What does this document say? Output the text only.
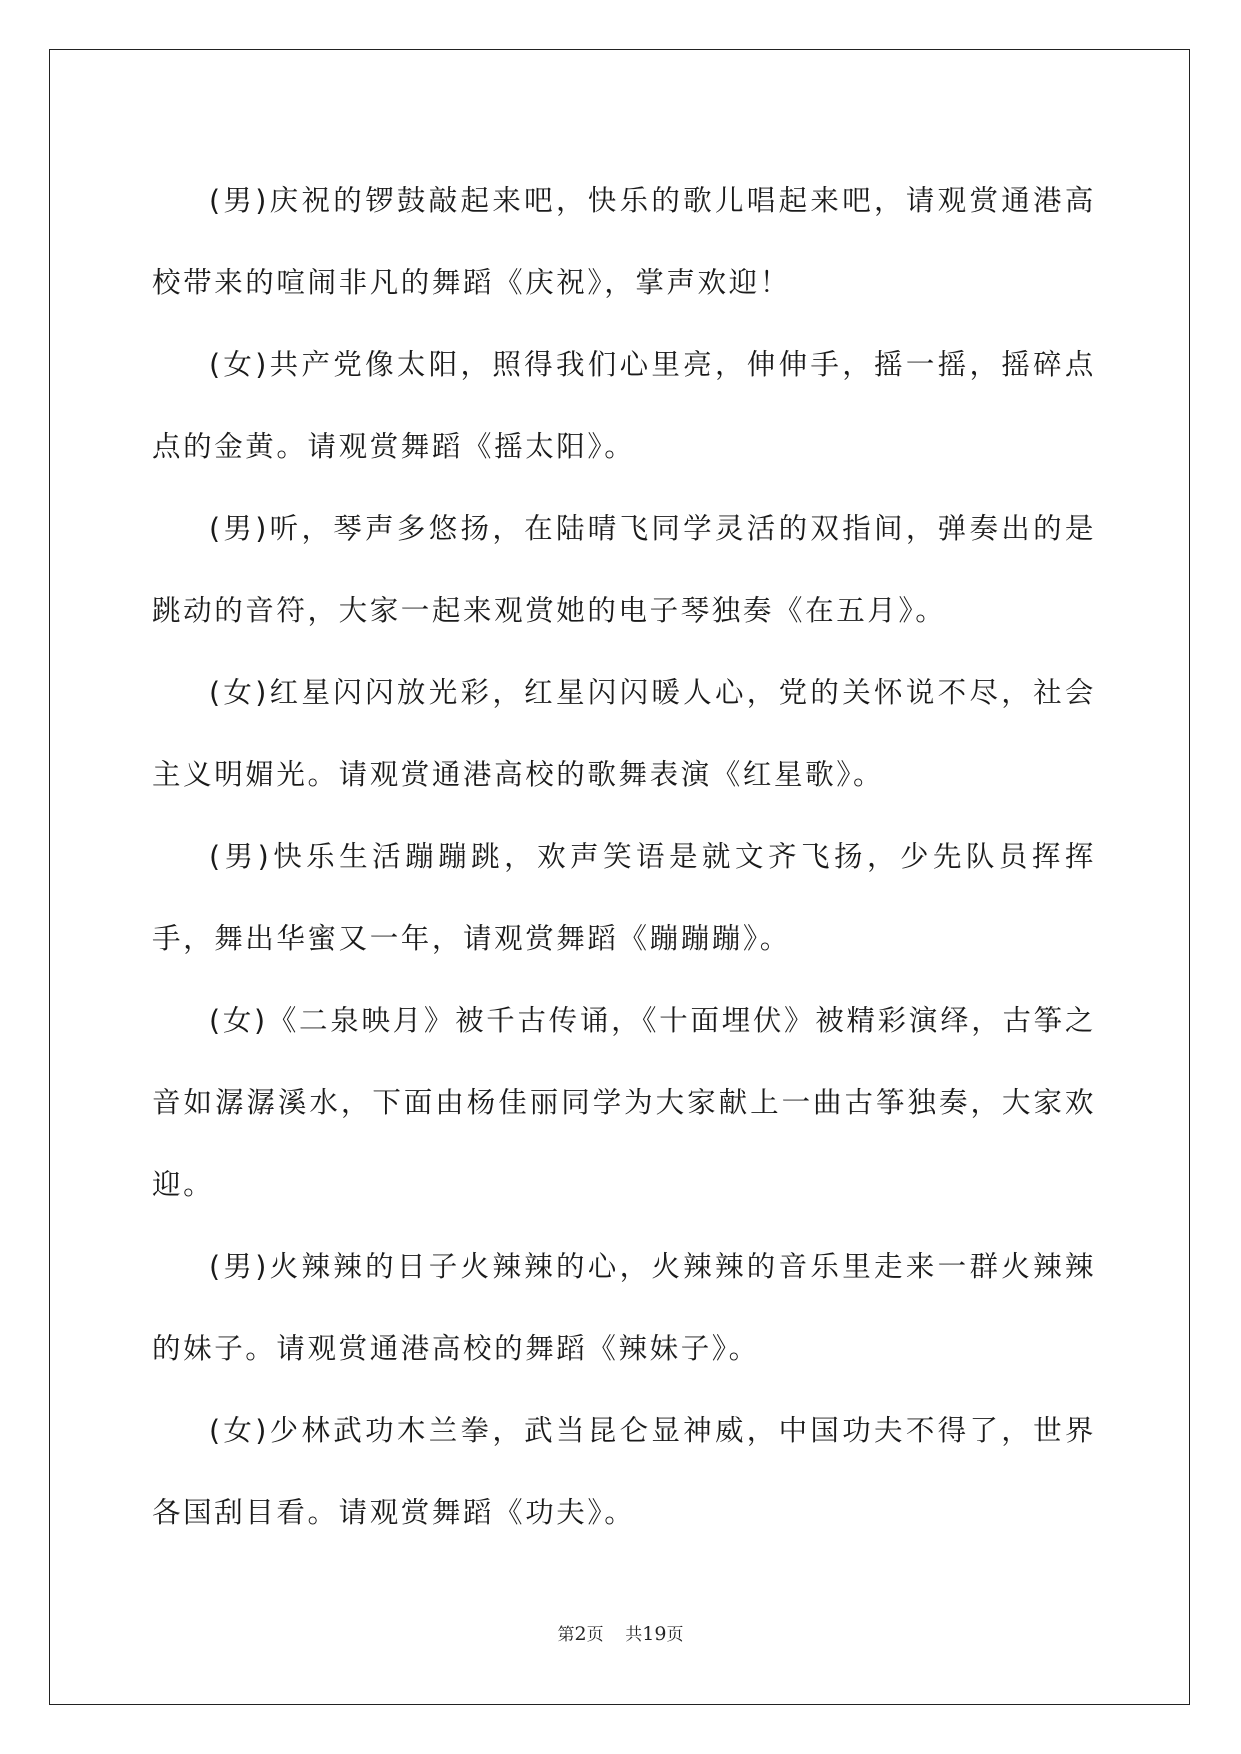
(男)庆祝的锣鼓敲起来吧，快乐的歌儿唱起来吧，请观赏通港高校带来的喧闹非凡的舞蹈《庆祝》，掌声欢迎！

(女)共产党像太阳，照得我们心里亮，伸伸手，摇一摇，摇碎点点的金黄。请观赏舞蹈《摇太阳》。

(男)听，琴声多悠扬，在陆晴飞同学灵活的双指间，弹奏出的是跳动的音符，大家一起来观赏她的电子琴独奏《在五月》。

(女)红星闪闪放光彩，红星闪闪暖人心，党的关怀说不尽，社会主义明媚光。请观赏通港高校的歌舞表演《红星歌》。

(男)快乐生活蹦蹦跳，欢声笑语是就文齐飞扬，少先队员挥挥手，舞出华蜜又一年，请观赏舞蹈《蹦蹦蹦》。

(女)《二泉映月》被千古传诵，《十面埋伏》被精彩演绎，古筝之音如潺潺溪水，下面由杨佳丽同学为大家献上一曲古筝独奏，大家欢迎。

(男)火辣辣的日子火辣辣的心，火辣辣的音乐里走来一群火辣辣的妹子。请观赏通港高校的舞蹈《辣妹子》。

(女)少林武功木兰拳，武当昆仑显神威，中国功夫不得了，世界各国刮目看。请观赏舞蹈《功夫》。

第2页 共19页
